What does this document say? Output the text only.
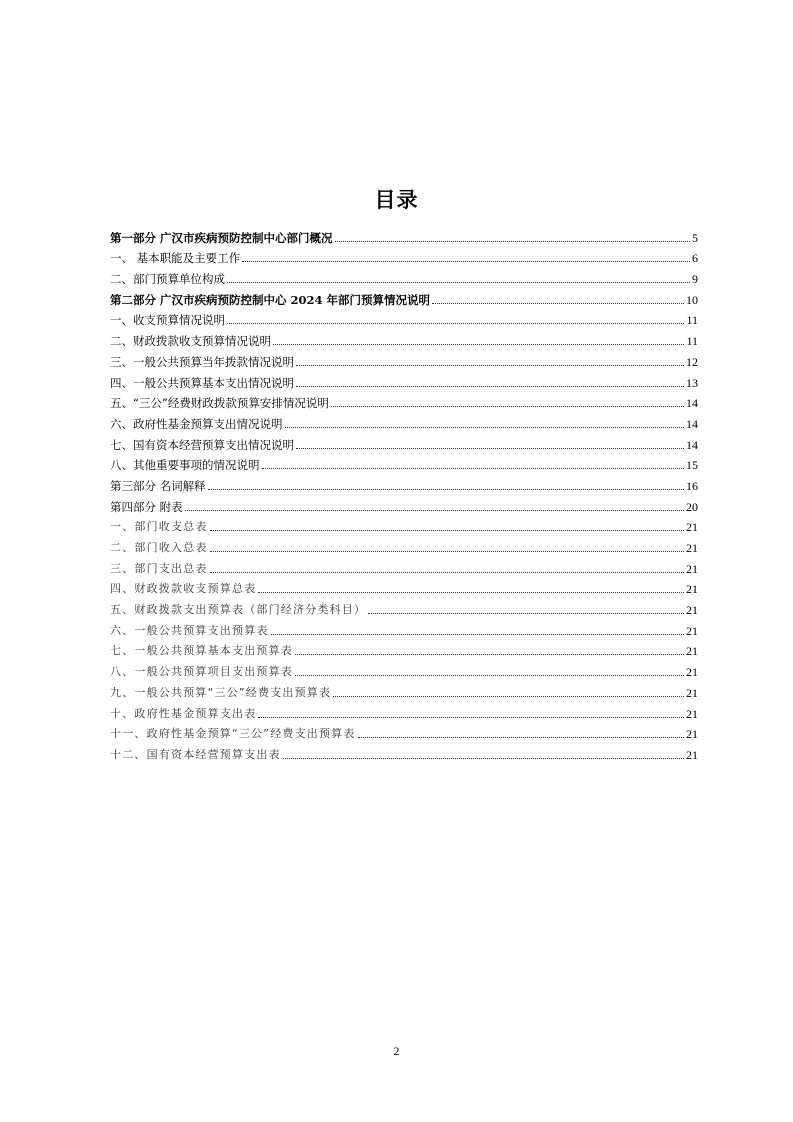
目录
第一部分 广汉市疾病预防控制中心部门概况	5
一、 基本职能及主要工作	6
二、部门预算单位构成	9
第二部分 广汉市疾病预防控制中心 2024 年部门预算情况说明	10
一、收支预算情况说明	11
二、财政拨款收支预算情况说明	11
三、一般公共预算当年拨款情况说明	12
四、一般公共预算基本支出情况说明	13
五、“三公”经费财政拨款预算安排情况说明	14
六、政府性基金预算支出情况说明	14
七、国有资本经营预算支出情况说明	14
八、其他重要事项的情况说明	15
第三部分 名词解释	16
第四部分 附表	20
一、部门收支总表	21
二、部门收入总表	21
三、部门支出总表	21
四、财政拨款收支预算总表	21
五、财政拨款支出预算表（部门经济分类科目）	21
六、一般公共预算支出预算表	21
七、一般公共预算基本支出预算表	21
八、一般公共预算项目支出预算表	21
九、一般公共预算“三公”经费支出预算表	21
十、政府性基金预算支出表	21
十一、政府性基金预算“三公”经费支出预算表	21
十二、国有资本经营预算支出表	21
2
